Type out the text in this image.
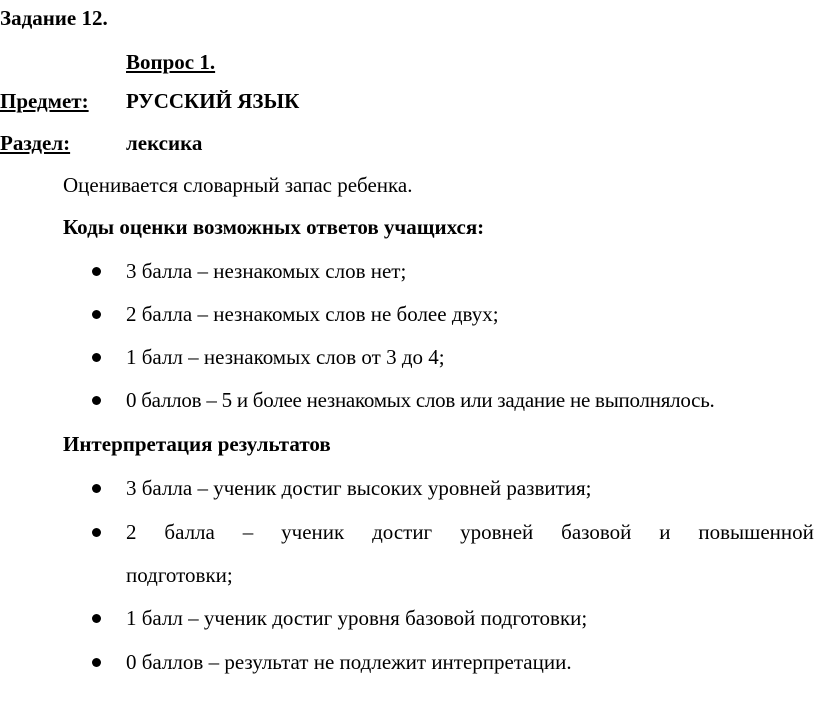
Задание 12.
Вопрос 1.
Предмет: РУССКИЙ ЯЗЫК
Раздел:	лексика
Оценивается словарный запас ребенка.
Коды оценки возможных ответов учащихся:
3 балла – незнакомых слов нет;
2 балла – незнакомых слов не более двух;
1 балл – незнакомых слов от 3 до 4;
0 баллов – 5 и более незнакомых слов или задание не выполнялось.
Интерпретация результатов
3 балла – ученик достиг высоких уровней развития;
2 балла – ученик достиг уровней базовой и повышенной
подготовки;
1 балл – ученик достиг уровня базовой подготовки;
0 баллов – результат не подлежит интерпретации.
